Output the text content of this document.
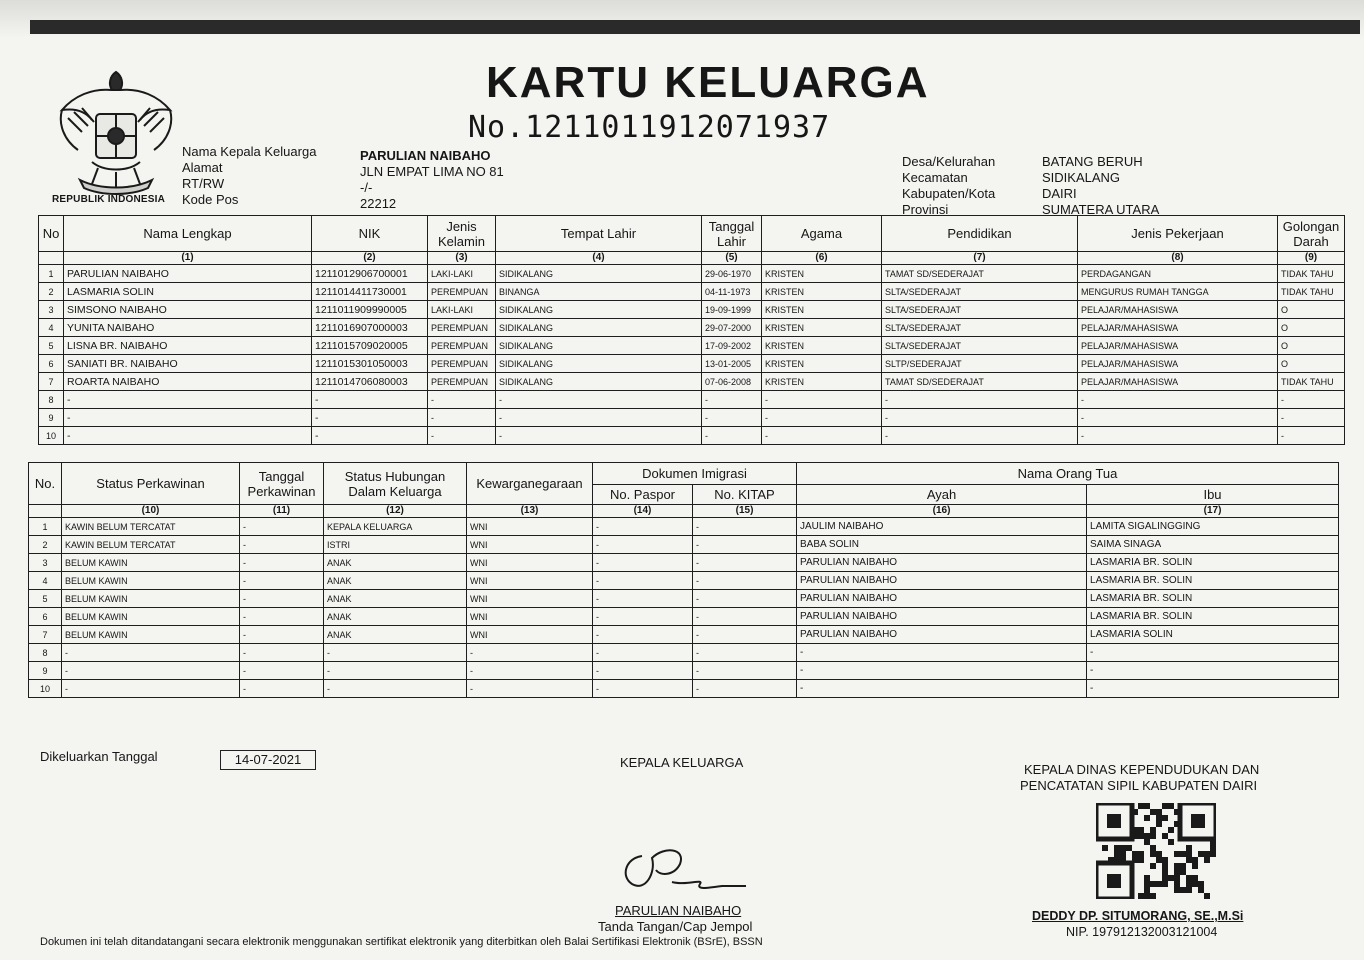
REPUBLIK INDONESIA
KARTU KELUARGA
No.1211011912071937
Nama Kepala Keluarga
Alamat
RT/RW
Kode Pos
PARULIAN NAIBAHO
JLN EMPAT LIMA NO 81
-/-
22212
Desa/Kelurahan
Kecamatan
Kabupaten/Kota
Provinsi
BATANG BERUH
SIDIKALANG
DAIRI
SUMATERA UTARA
No	Nama Lengkap	NIK	Jenis Kelamin	Tempat Lahir	Tanggal Lahir	Agama	Pendidikan	Jenis Pekerjaan	Golongan Darah
	(1)	(2)	(3)	(4)	(5)	(6)	(7)	(8)	(9)
1	PARULIAN NAIBAHO	1211012906700001	LAKI-LAKI	SIDIKALANG	29-06-1970	KRISTEN	TAMAT SD/SEDERAJAT	PERDAGANGAN	TIDAK TAHU
2	LASMARIA SOLIN	1211014411730001	PEREMPUAN	BINANGA	04-11-1973	KRISTEN	SLTA/SEDERAJAT	MENGURUS RUMAH TANGGA	TIDAK TAHU
3	SIMSONO NAIBAHO	1211011909990005	LAKI-LAKI	SIDIKALANG	19-09-1999	KRISTEN	SLTA/SEDERAJAT	PELAJAR/MAHASISWA	O
4	YUNITA NAIBAHO	1211016907000003	PEREMPUAN	SIDIKALANG	29-07-2000	KRISTEN	SLTA/SEDERAJAT	PELAJAR/MAHASISWA	O
5	LISNA BR. NAIBAHO	1211015709020005	PEREMPUAN	SIDIKALANG	17-09-2002	KRISTEN	SLTA/SEDERAJAT	PELAJAR/MAHASISWA	O
6	SANIATI BR. NAIBAHO	1211015301050003	PEREMPUAN	SIDIKALANG	13-01-2005	KRISTEN	SLTP/SEDERAJAT	PELAJAR/MAHASISWA	O
7	ROARTA NAIBAHO	1211014706080003	PEREMPUAN	SIDIKALANG	07-06-2008	KRISTEN	TAMAT SD/SEDERAJAT	PELAJAR/MAHASISWA	TIDAK TAHU
8	-	-	-	-	-	-	-	-	-
9	-	-	-	-	-	-	-	-	-
10	-	-	-	-	-	-	-	-	-
No.	Status Perkawinan	Tanggal Perkawinan	Status Hubungan Dalam Keluarga	Kewarganegaraan	Dokumen Imigrasi		Nama Orang Tua	
					No. Paspor	No. KITAP	Ayah	Ibu
	(10)	(11)	(12)	(13)	(14)	(15)	(16)	(17)
1	KAWIN BELUM TERCATAT	-	KEPALA KELUARGA	WNI	-	-	JAULIM NAIBAHO	LAMITA SIGALINGGING
2	KAWIN BELUM TERCATAT	-	ISTRI	WNI	-	-	BABA SOLIN	SAIMA SINAGA
3	BELUM KAWIN	-	ANAK	WNI	-	-	PARULIAN NAIBAHO	LASMARIA BR. SOLIN
4	BELUM KAWIN	-	ANAK	WNI	-	-	PARULIAN NAIBAHO	LASMARIA BR. SOLIN
5	BELUM KAWIN	-	ANAK	WNI	-	-	PARULIAN NAIBAHO	LASMARIA BR. SOLIN
6	BELUM KAWIN	-	ANAK	WNI	-	-	PARULIAN NAIBAHO	LASMARIA BR. SOLIN
7	BELUM KAWIN	-	ANAK	WNI	-	-	PARULIAN NAIBAHO	LASMARIA SOLIN
8	-	-	-	-	-	-	-	-
9	-	-	-	-	-	-	-	-
10	-	-	-	-	-	-	-	-
Dikeluarkan Tanggal	14-07-2021	KEPALA KELUARGA
PARULIAN NAIBAHO
Tanda Tangan/Cap Jempol
KEPALA DINAS KEPENDUDUKAN DAN
PENCATATAN SIPIL KABUPATEN DAIRI
DEDDY DP. SITUMORANG, SE.,M.Si
NIP. 197912132003121004
Dokumen ini telah ditandatangani secara elektronik menggunakan sertifikat elektronik yang diterbitkan oleh Balai Sertifikasi Elektronik (BSrE), BSSN
